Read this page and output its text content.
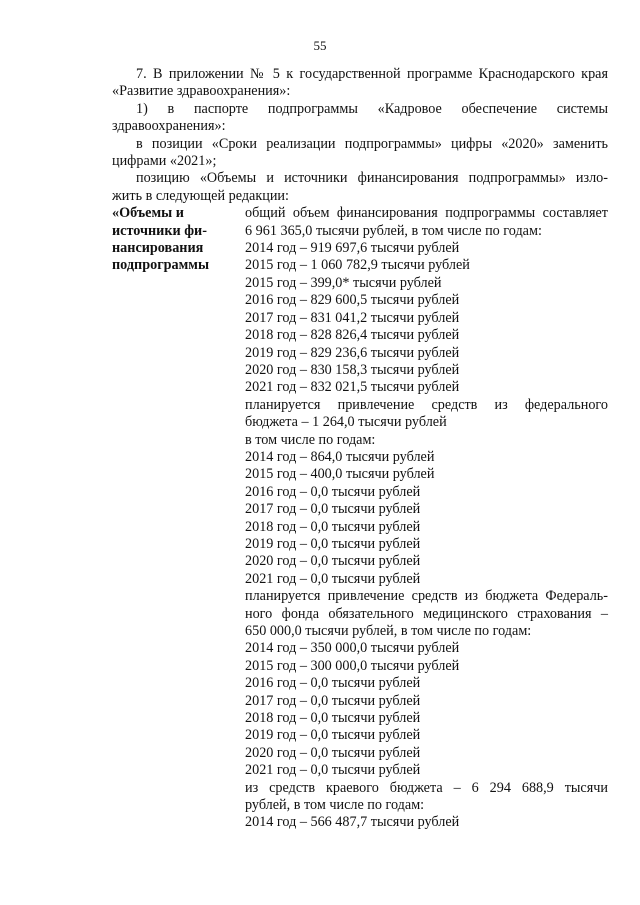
55
7. В приложении № 5 к государственной программе Краснодарского края
«Развитие здравоохранения»:
1) в паспорте подпрограммы «Кадровое обеспечение системы
здравоохранения»:
в позиции «Сроки реализации подпрограммы» цифры «2020» заменить
цифрами «2021»;
позицию «Объемы и источники финансирования подпрограммы» изло-
жить в следующей редакции:
«Объемы и
источники фи-
нансирования
подпрограммы
общий объем финансирования подпрограммы составляет
6 961 365,0 тысячи рублей, в том числе по годам:
2014 год – 919 697,6 тысячи рублей
2015 год – 1 060 782,9 тысячи рублей
2015 год – 399,0* тысячи рублей
2016 год – 829 600,5 тысячи рублей
2017 год – 831 041,2 тысячи рублей
2018 год – 828 826,4 тысячи рублей
2019 год – 829 236,6 тысячи рублей
2020 год – 830 158,3 тысячи рублей
2021 год – 832 021,5 тысячи рублей
планируется привлечение средств из федерального
бюджета – 1 264,0 тысячи рублей
в том числе по годам:
2014 год – 864,0 тысячи рублей
2015 год – 400,0 тысячи рублей
2016 год – 0,0 тысячи рублей
2017 год – 0,0 тысячи рублей
2018 год – 0,0 тысячи рублей
2019 год – 0,0 тысячи рублей
2020 год – 0,0 тысячи рублей
2021 год – 0,0 тысячи рублей
планируется привлечение средств из бюджета Федераль-
ного фонда обязательного медицинского страхования –
650 000,0 тысячи рублей, в том числе по годам:
2014 год – 350 000,0 тысячи рублей
2015 год – 300 000,0 тысячи рублей
2016 год – 0,0 тысячи рублей
2017 год – 0,0 тысячи рублей
2018 год – 0,0 тысячи рублей
2019 год – 0,0 тысячи рублей
2020 год – 0,0 тысячи рублей
2021 год – 0,0 тысячи рублей
из средств краевого бюджета – 6 294 688,9 тысячи
рублей, в том числе по годам:
2014 год – 566 487,7 тысячи рублей
